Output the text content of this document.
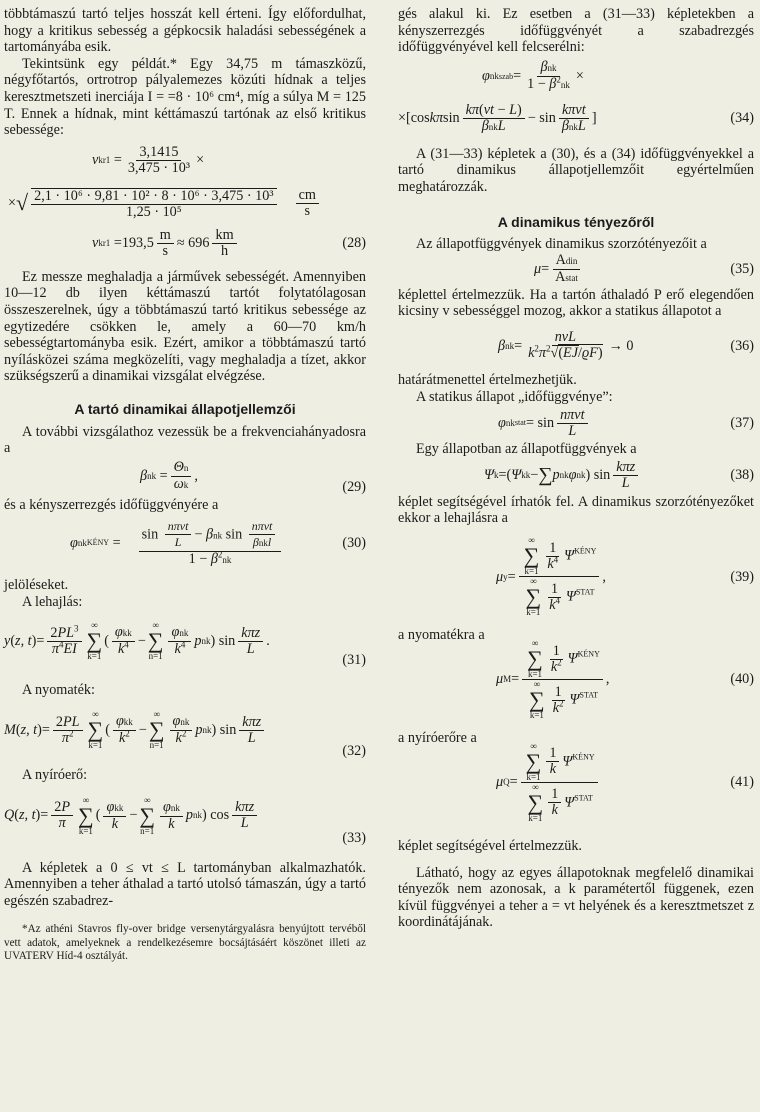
többtámaszú tartó teljes hosszát kell érteni. Így előfordulhat, hogy a kritikus sebesség a gépkocsik haladási sebességének a tartományába esik.

Tekintsünk egy példát.* Egy 34,75 m támaszközű, négyfőtartós, ortrotrop pályalemezes közúti hídnak a teljes keresztmetszeti inerciája I = =8 · 10⁶ cm⁴, míg a súlya M = 125 T. Ennek a hídnak, mint kéttámaszú tartónak az első kritikus sebessége:

v $kr1 = \frac{3,1415}{\text{3,475 · 10³}}$ ×
× √ $\frac{\text{2,1 · 10⁶ · 9,81 · 10² · 8 · 10⁶ · 3,475 · 10³}}{\text{1,25 · 10⁵}} \frac{cm}{s}$
v kr1
$=193,5 \frac{m}{s} \approx 696 \frac{km}{h}$	(28)

Ez messze meghaladja a járművek sebességét. Amennyiben 10—12 db ilyen kéttámaszú tartót folytatólagosan összeszerelnek, úgy a többtámaszú tartó kritikus sebessége az egytizedére csökken le, amely a 60—70 km/h sebességtartományba esik. Ezért, amikor a többtámaszú tartó nyílásközei száma megközelíti, vagy meghaladja a tízet, akkor szükségszerű a dinamikai vizsgálat elvégzése.

A tartó dinamikai állapotjellemzői

A további vizsgálathoz vezessük be a frekvenciahányadosra a

β nk = $\frac{\Theta n}{\omega k}$ ,
(29)

és a kényszerrezgés időfüggvényére a

φ nk KÉNY = $\frac{\sin \frac{\text{nπvt}}{L} - \beta nk \sin \frac{\text{nπvt}}{\text{βnkl}}}{1 - \beta^2nk}$	(30)

jelöléseket.

A lehajlás:

y ( z, t )= $\frac{2PL^3}{\pi^4EI}$
∞
∑
k=1
( $\frac{\text{φkk}}{k^4}$ −
∞
∑
$n=1 \frac{\text{φnk}}{k^4}$ p nk ) $\sin \frac{\text{kπz}}{L}$ .
(31)

A nyomaték:

M ( z, t )= $\frac{2PL}{\pi^2}$
∞
∑
k=1
( $\frac{\text{φkk}}{k^2}$ −
∞
∑
$n=1 \frac{\text{φnk}}{k^2}$ p nk ) $\sin \frac{\text{kπz}}{L}$
(32)

A nyíróerő:

Q ( z, t )= $\frac{2P}{\pi}$
∞
∑
k=1
( $\frac{\text{φkk}}{k}$ −
∞
∑
$n=1 \frac{\text{φnk}}{k}$ p nk ) $\cos \frac{\text{kπz}}{L}$
(33)

A képletek a 0 ≤ vt ≤ L tartományban alkalmazhatók. Amennyiben a teher áthalad a tartó utolsó támaszán, úgy a tartó egészén szabadrez-

*Az athéni Stavros fly-over bridge versenytárgyalásra benyújtott tervéből vett adatok, amelyeknek a rendelkezésemre bocsájtásáért köszönet illeti az UVATERV Híd-4 osztályát.

gés alakul ki. Ez esetben a (31—33) képletekben a kényszerrezgés időfüggvényét a szabadrezgés időfüggvényével kell felcserélni:

φ nk szab = $\frac{\text{βnk}}{1 - \beta^2nk}$ ×
×[cos kπ $\sin \frac{k\pi(vt - L)}{\text{βnkL}} - \sin \frac{\text{kπvt}}{\text{βnkL}}$ ]	(34)

A (31—33) képletek a (30), és a (34) időfüggvényekkel a tartó dinamikus állapotjellemzőit egyértelműen meghatározzák.

A dinamikus tényezőről

Az állapotfüggvények dinamikus szorzótényezőit a

$\mu = \frac{\text{Adin}}{\text{Astat}}$	(35)

képlettel értelmezzük. Ha a tartón áthaladó P erő elegendően kicsiny v sebességgel mozog, akkor a statikus állapotot a

β nk = $\frac{\text{nvL}}{k^2\pi^2√(EJ/ϱF)} \to 0$	(36)

határátmenettel értelmezhetjük.

A statikus állapot „időfüggvénye”:

φ nk stat = $\sin \frac{\text{nπvt}}{L}$	(37)

Egy állapotban az állapotfüggvények a

Ψ k =( Ψ kk − ∑ p nk φ nk ) $\sin \frac{\text{kπz}}{L}$	(38)

képlet segítségével írhatók fel. A dinamikus szorzótényezőket ekkor a lehajlásra a

μ y = ∞
∑
$k=1 \frac{1}{k^4} \Psi^{KÉNY}$
∞
∑
$k=1 \frac{1}{k^4} \Psi^{STAT}$ ,	(39)

a nyomatékra a

μ M = ∞
∑
$k=1 \frac{1}{k^2} \Psi^{KÉNY}$
∞
∑
$k=1 \frac{1}{k^2} \Psi^{STAT}$ ,	(40)

a nyíróerőre a

μ Q = ∞
∑
$k=1 \frac{1}{k} \Psi^{KÉNY}$
∞
∑
$k=1 \frac{1}{k} \Psi^{STAT}$	(41)

képlet segítségével értelmezzük.

Látható, hogy az egyes állapotoknak megfelelő dinamikai tényezők nem azonosak, a k paramétertől függenek, ezen kívül függvényei a teher a = vt helyének és a keresztmetszet z koordinátájának.
